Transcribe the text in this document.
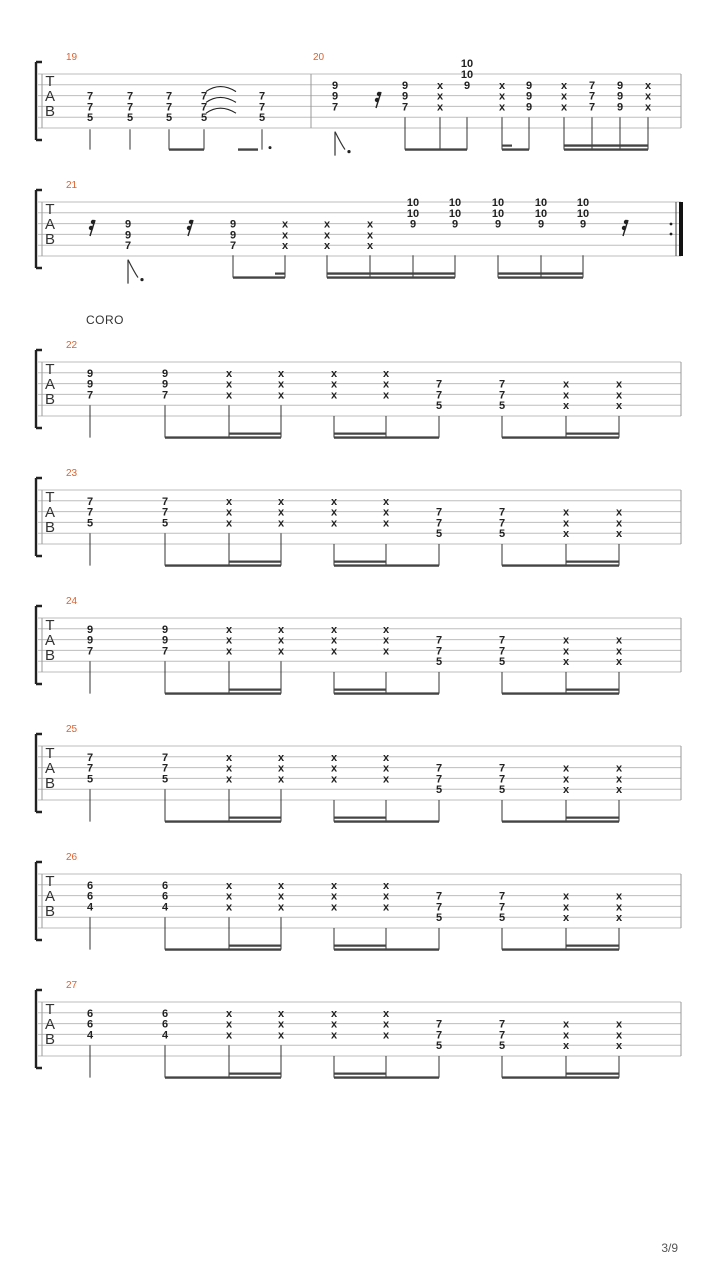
T
A
B
7
7
5
7
7
5
7
7
5
7
7
5
7
7
5
9
9
7
9
9
7
x
x
x
10
10
9	x
x
x
9
9
9
x
x
x
7
7
7
9
9
9
x
x
x
T
A
B
9
9
7
9
9
7
x
x
x
x
x
x
x
x
x
10
10
9
10
10
9
10
10
9
10
10
9
10
10
9
T
A
B
9
9
7
9
9
7
x
x
x
x
x
x
x
x
x
x
x
x
7
7
5
7
7
5
x
x
x
x
x
x
T
A
B
7
7
5
7
7
5
x
x
x
x
x
x
x
x
x
x
x
x
7
7
5
7
7
5
x
x
x
x
x
x
T
A
B
9
9
7
9
9
7
x
x
x
x
x
x
x
x
x
x
x
x
7
7
5
7
7
5
x
x
x
x
x
x
T
A
B
7
7
5
7
7
5
x
x
x
x
x
x
x
x
x
x
x
x
7
7
5
7
7
5
x
x
x
x
x
x
T
A
B
6
6
4
6
6
4
x
x
x
x
x
x
x
x
x
x
x
x
7
7
5
7
7
5
x
x
x
x
x
x
T
A
B
6
6
4
6
6
4
x
x
x
x
x
x
x
x
x
x
x
x
7
7
5
7
7
5
x
x
x
x
x
x
CORO
3/9
19	20
21
22
23
24
25
26
27
